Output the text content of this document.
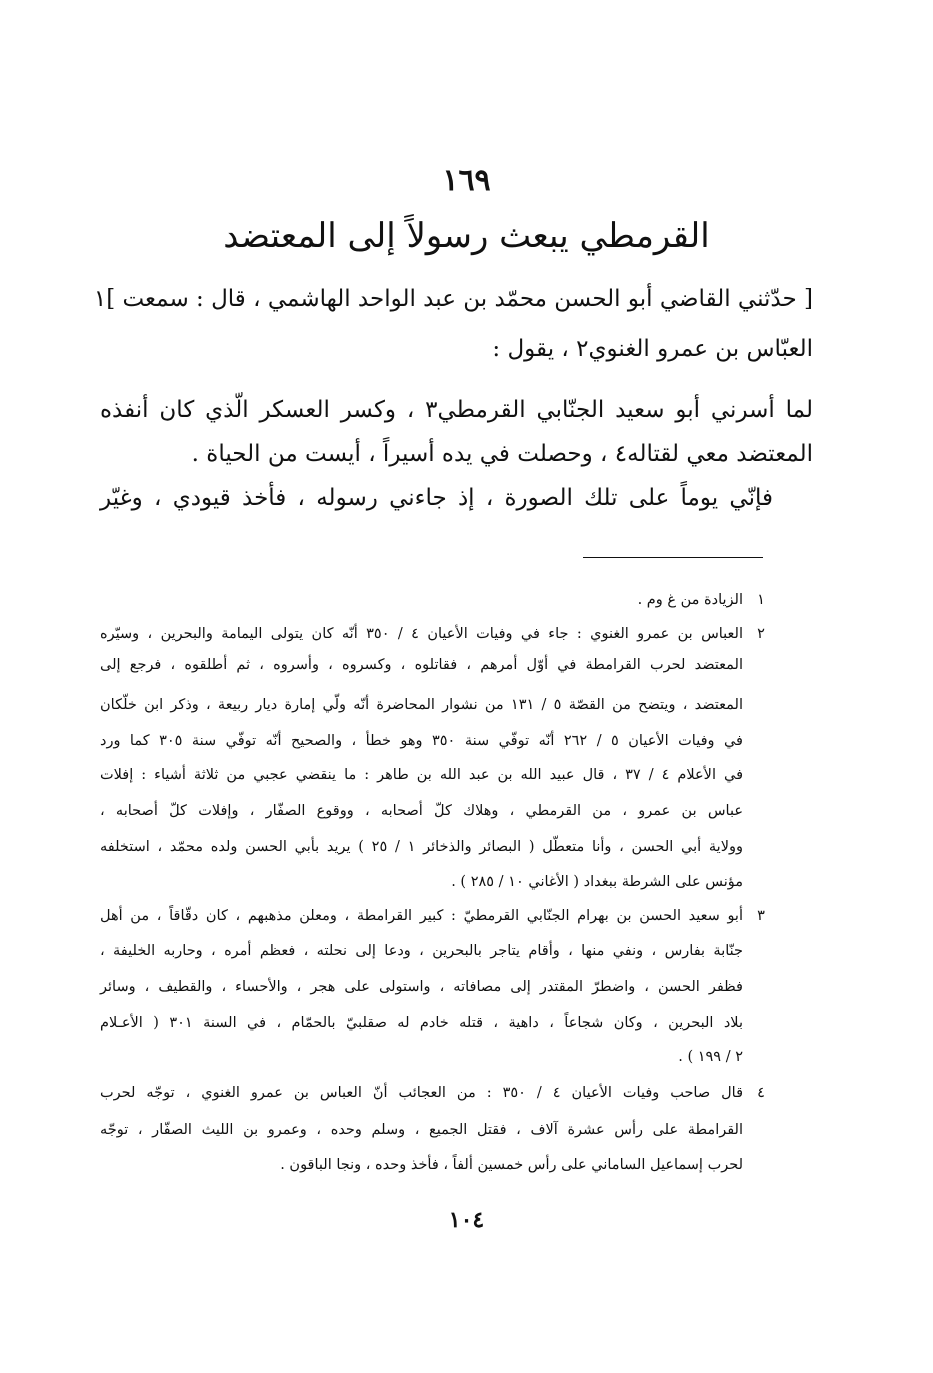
١٦٩
القرمطي يبعث رسولاً إلى المعتضد
[ حدّثني القاضي أبو الحسن محمّد بن عبد الواحد الهاشمي ، قال : سمعت ]١
العبّاس بن عمرو الغنوي٢ ، يقول :
لما أسرني أبو سعيد الجنّابي القرمطي٣ ، وكسر العسكر الّذي كان أنفذه
المعتضد معي لقتاله٤ ، وحصلت في يده أسيراً ، أيست من الحياة .
فإنّي يوماً على تلك الصورة ، إذ جاءني رسوله ، فأخذ قيودي ، وغيّر
١
الزيادة من غ وم .
٢
العباس بن عمرو الغنوي : جاء في وفيات الأعيان ٤ / ٣٥٠ أنّه كان يتولى اليمامة والبحرين ، وسيّره
المعتضد لحرب القرامطة في أوّل أمرهم ، فقاتلوه ، وكسروه ، وأسروه ، ثم أطلقوه ، فرجع إلى
المعتضد ، ويتضح من القصّة ٥ / ١٣١ من نشوار المحاضرة أنّه ولّي إمارة ديار ربيعة ، وذكر ابن خلّكان
في وفيات الأعيان ٥ / ٢٦٢ أنّه توفّي سنة ٣٥٠ وهو خطأ ، والصحيح أنّه توفّي سنة ٣٠٥ كما ورد
في الأعلام ٤ / ٣٧ ، قال عبيد الله بن عبد الله بن طاهر : ما ينقضي عجبي من ثلاثة أشياء : إفلات
عباس بن عمرو ، من القرمطي ، وهلاك كلّ أصحابه ، ووقوع الصفّار ، وإفلات كلّ أصحابه ،
وولاية أبي الحسن ، وأنا متعطّل ( البصائر والذخائر ١ / ٢٥ ) يريد بأبي الحسن ولده محمّد ، استخلفه
مؤنس على الشرطة ببغداد ( الأغاني ١٠ / ٢٨٥ ) .
٣
أبو سعيد الحسن بن بهرام الجنّابي القرمطيّ : كبير القرامطة ، ومعلن مذهبهم ، كان دقّاقاً ، من أهل
جنّابة بفارس ، ونفي منها ، وأقام يتاجر بالبحرين ، ودعا إلى نحلته ، فعظم أمره ، وحاربه الخليفة ،
فظفر الحسن ، واضطرّ المقتدر إلى مصافاته ، واستولى على هجر ، والأحساء ، والقطيف ، وسائر
بلاد البحرين ، وكان شجاعاً ، داهية ، قتله خادم له صقلبيّ بالحمّام ، في السنة ٣٠١ ( الأعـلام
٢ / ١٩٩ ) .
٤
قال صاحب وفيات الأعيان ٤ / ٣٥٠ : من العجائب أنّ العباس بن عمرو الغنوي ، توجّه لحرب
القرامطة على رأس عشرة آلاف ، فقتل الجميع ، وسلم وحده ، وعمرو بن الليث الصفّار ، توجّه
لحرب إسماعيل الساماني على رأس خمسين ألفاً ، فأخذ وحده ، ونجا الباقون .
١٠٤
